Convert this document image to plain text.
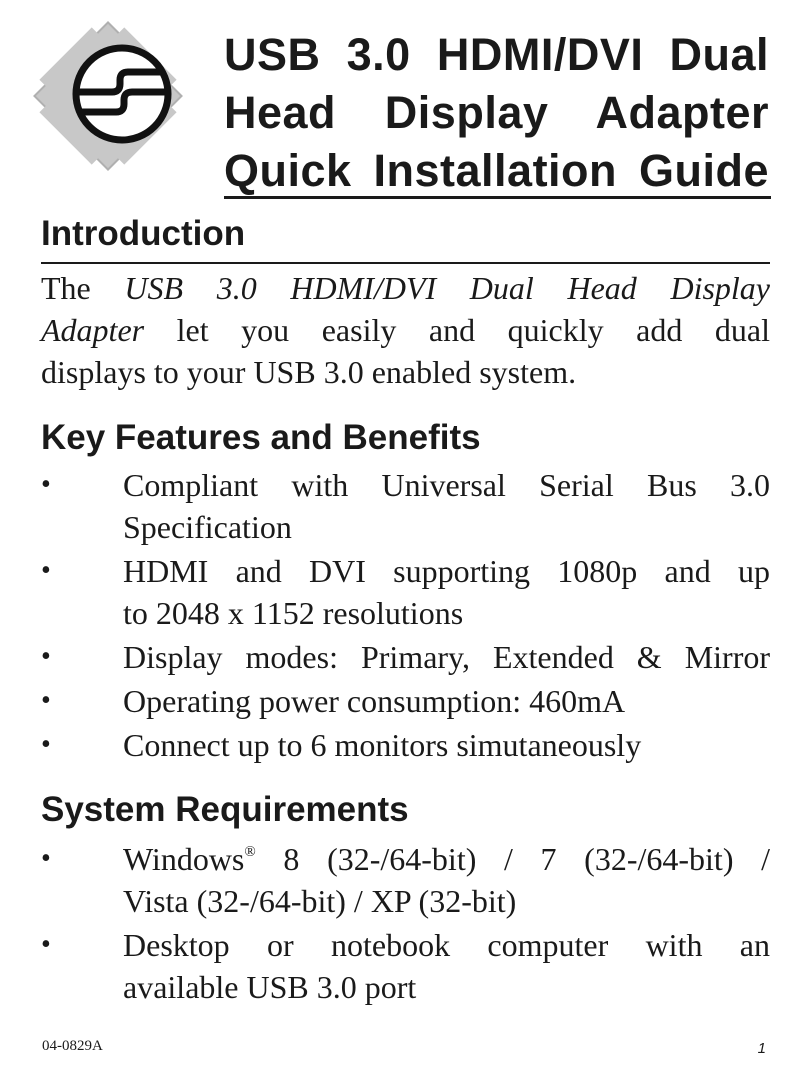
USB 3.0 HDMI/DVI Dual
Head Display Adapter
Quick Installation Guide
Introduction
The USB 3.0 HDMI/DVI Dual Head Display
Adapter let you easily and quickly add dual
displays to your USB 3.0 enabled system.
Key Features and Benefits
•	Compliant with Universal Serial Bus 3.0
Specification
•	HDMI and DVI supporting 1080p and up
to 2048 x 1152 resolutions
•	Display modes: Primary, Extended & Mirror
•	Operating power consumption: 460mA
•	Connect up to 6 monitors simutaneously
System Requirements
•	Windows® 8 (32-/64-bit) / 7 (32-/64-bit) /
Vista (32-/64-bit) / XP (32-bit)
•	Desktop or notebook computer with an
available USB 3.0 port
04-0829A	1
